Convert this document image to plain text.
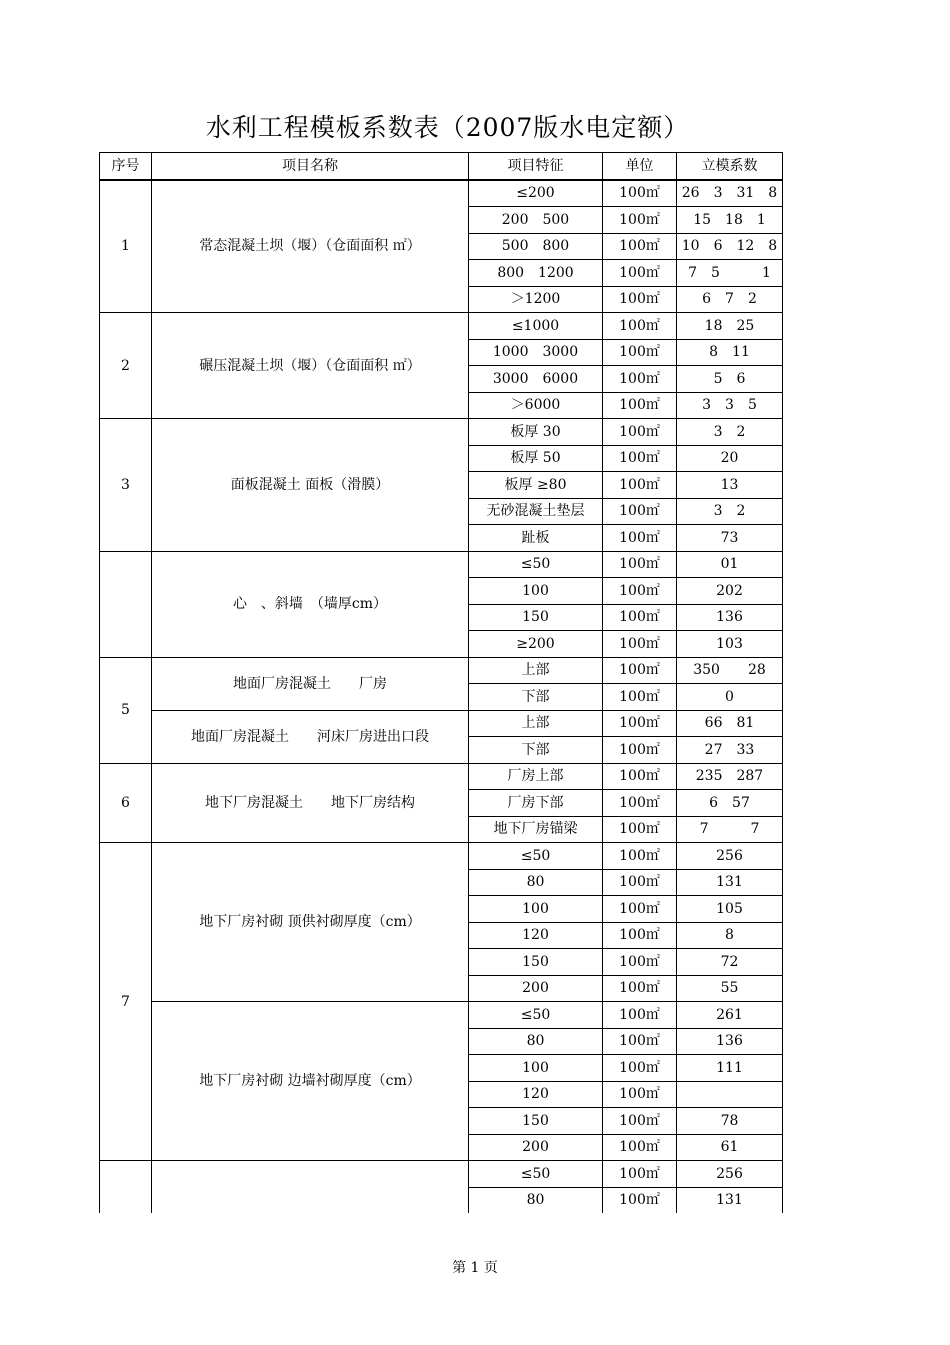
水利工程模板系数表（2007版水电定额）
序号	项目名称	项目特征	单位	立模系数
1	常态混凝土坝（堰）（仓面面积 ㎡）	≤200	100㎡	26　3　31　8
		200　500	100㎡	15　18　1
		500　800	100㎡	10　6　12　8
		800　1200	100㎡	7　5　　　1
		＞1200	100㎡	6　7　2
2	碾压混凝土坝（堰）（仓面面积 ㎡）	≤1000	100㎡	18　25
		1000　3000	100㎡	8　11
		3000　6000	100㎡	5　6
		＞6000	100㎡	3　3　5
3	面板混凝土 面板（滑膜）	板厚 30	100㎡	3　2
		板厚 50	100㎡	20
		板厚 ≥80	100㎡	13
		无砂混凝土垫层	100㎡	3　2
		趾板	100㎡	73
	心　、斜墙　（墙厚cm）	≤50	100㎡	01
		100	100㎡	202
		150	100㎡	136
		≥200	100㎡	103
5	地面厂房混凝土　　厂房	上部	100㎡	350　　28
		下部	100㎡	0
	地面厂房混凝土　　河床厂房进出口段	上部	100㎡	66　81
		下部	100㎡	27　33
6	地下厂房混凝土　　地下厂房结构	厂房上部	100㎡	235　287
		厂房下部	100㎡	6　57
		地下厂房锚梁	100㎡	7　　　7
7	地下厂房衬砌 顶供衬砌厚度（cm）	≤50	100㎡	256
		80	100㎡	131
		100	100㎡	105
		120	100㎡	8
		150	100㎡	72
		200	100㎡	55
	地下厂房衬砌 边墙衬砌厚度（cm）	≤50	100㎡	261
		80	100㎡	136
		100	100㎡	111
		120	100㎡	
		150	100㎡	78
		200	100㎡	61
		≤50	100㎡	256
		80	100㎡	131
第 1 页
